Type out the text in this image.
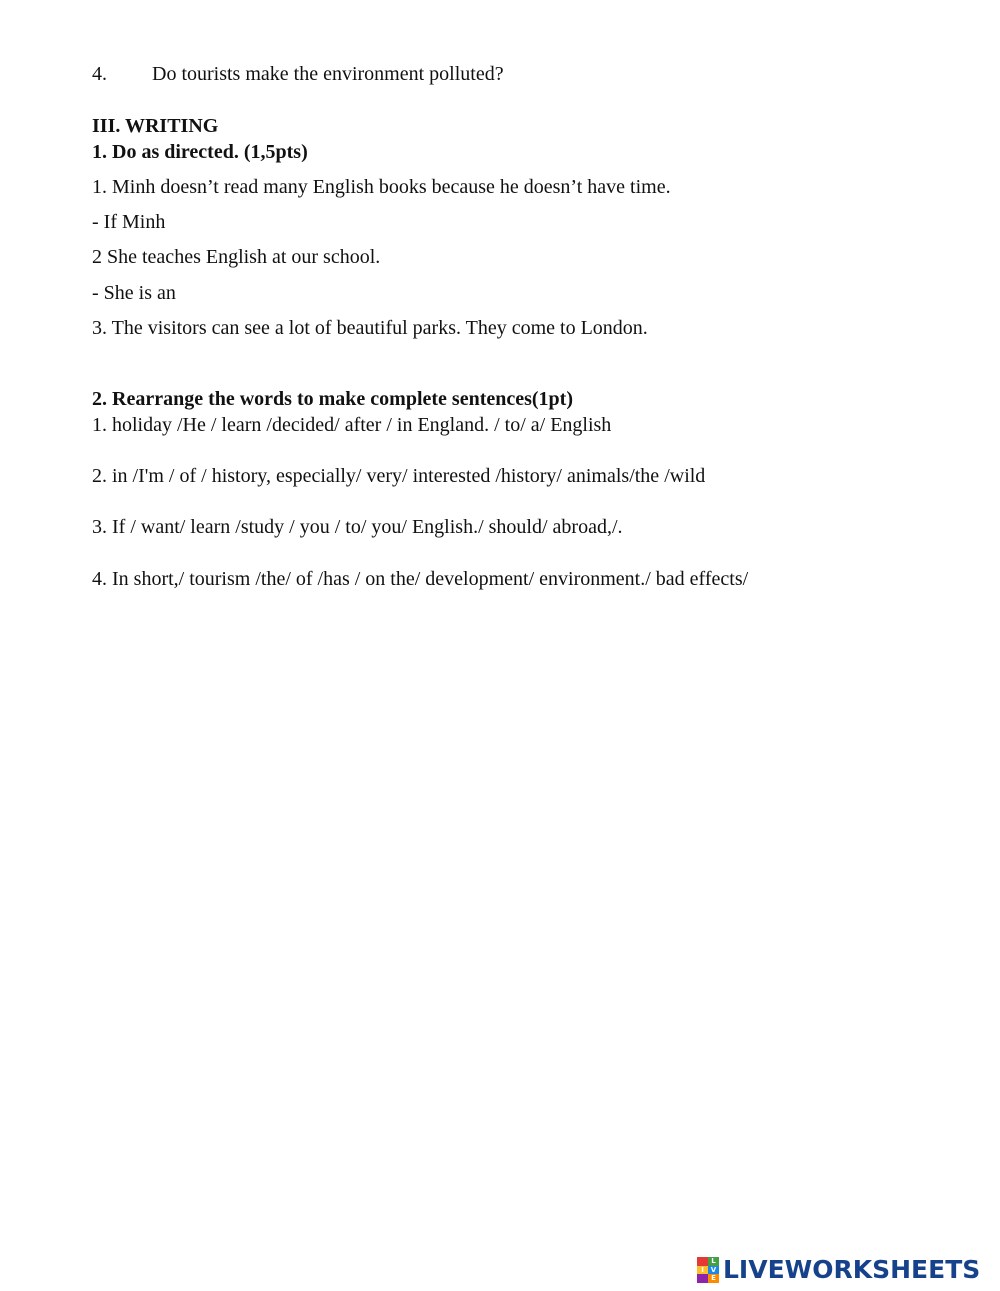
4. Do tourists make the environment polluted?
III. WRITING
1. Do as directed. (1,5pts)
1. Minh doesn’t read many English books because he doesn’t have time.
- If Minh
2 She teaches English at our school.
- She is an
3. The visitors can see a lot of beautiful parks. They come to London.
2. Rearrange the words to make complete sentences(1pt)
1. holiday /He / learn /decided/ after / in England. / to/ a/ English
2. in /I'm / of / history, especially/ very/ interested /history/ animals/the /wild
3. If / want/ learn /study / you / to/ you/ English./ should/ abroad,/.
4. In short,/ tourism /the/ of /has / on the/ development/ environment./ bad effects/
L
I V
E LIVEWORKSHEETS
